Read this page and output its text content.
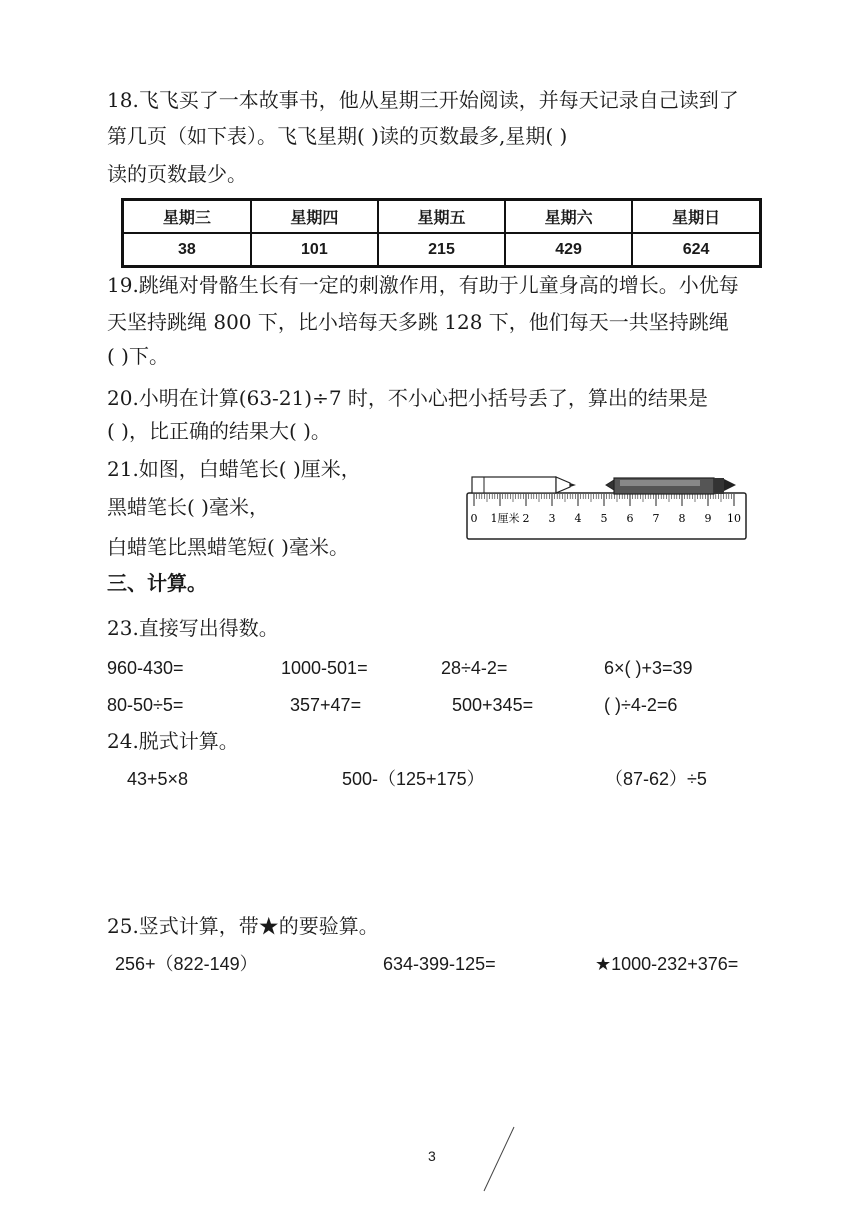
18.飞飞买了一本故事书，他从星期三开始阅读，并每天记录自己读到了
第几页（如下表）。飞飞星期( )读的页数最多,星期( )
读的页数最少。
星期三	星期四	星期五	星期六	星期日
38	101	215	429	624
19.跳绳对骨骼生长有一定的刺激作用，有助于儿童身高的增长。小优每
天坚持跳绳 800 下，比小培每天多跳 128 下，他们每天一共坚持跳绳
( )下。
20.小明在计算(63-21)÷7 时，不小心把小括号丢了，算出的结果是
( )，比正确的结果大( )。
21.如图，白蜡笔长( )厘米，
黑蜡笔长( )毫米，
白蜡笔比黑蜡笔短( )毫米。
0 1厘米 2 3 4 5 6 7 8 9 10
三、计算。
23.直接写出得数。
960-430=	1000-501=	28÷4-2=	6×( )+3=39
80-50÷5=	357+47=	500+345=	( )÷4-2=6
24.脱式计算。
43+5×8	500-（125+175）	（87-62）÷5
25.竖式计算，带★的要验算。
256+（822-149）	634-399-125=	★1000-232+376=
3
